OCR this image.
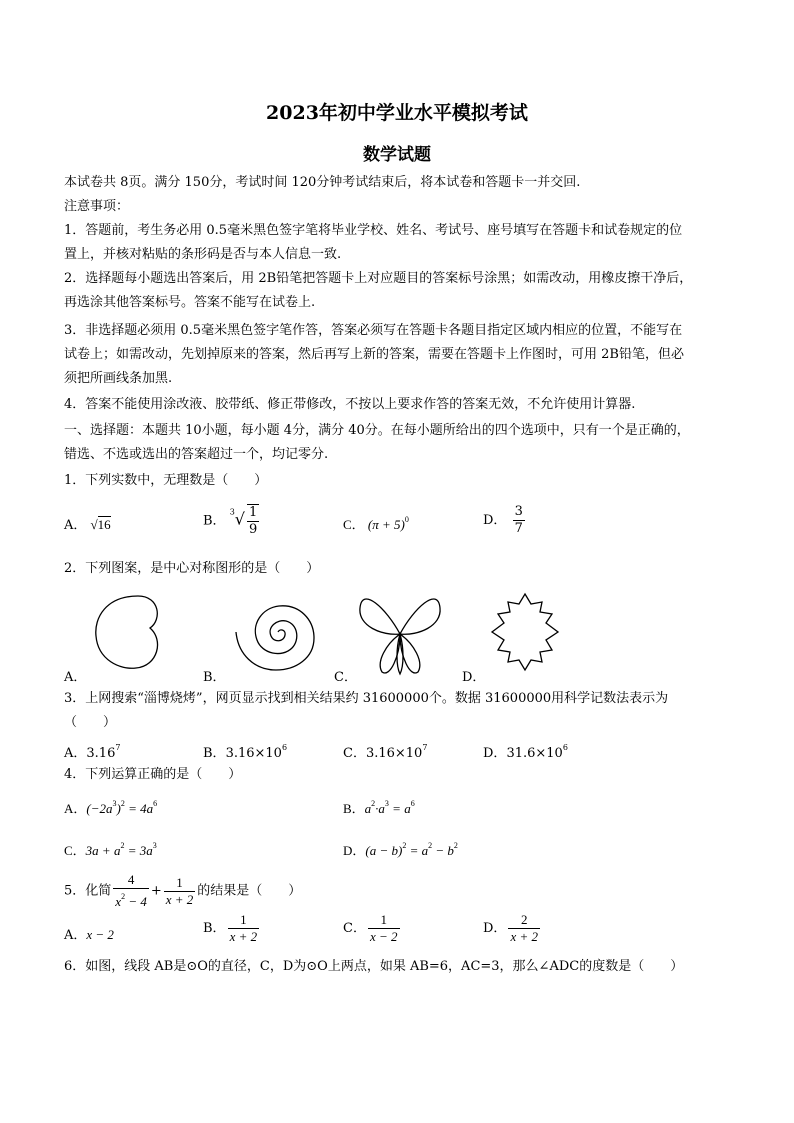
2023年初中学业水平模拟考试
数学试题
本试卷共 8页。满分 150分，考试时间 120分钟考试结束后，将本试卷和答题卡一并交回.
注意事项：
1．答题前，考生务必用 0.5毫米黑色签字笔将毕业学校、姓名、考试号、座号填写在答题卡和试卷规定的位
置上，并核对粘贴的条形码是否与本人信息一致.
2．选择题每小题选出答案后，用 2B铅笔把答题卡上对应题目的答案标号涂黑；如需改动，用橡皮擦干净后，
再选涂其他答案标号。答案不能写在试卷上.
3．非选择题必须用 0.5毫米黑色签字笔作答，答案必须写在答题卡各题目指定区域内相应的位置，不能写在
试卷上；如需改动，先划掉原来的答案，然后再写上新的答案，需要在答题卡上作图时，可用 2B铅笔，但必
须把所画线条加黑.
4．答案不能使用涂改液、胶带纸、修正带修改，不按以上要求作答的答案无效，不允许使用计算器.
一、选择题：本题共 10小题，每小题 4分，满分 40分。在每小题所给出的四个选项中，只有一个是正确的，
错选、不选或选出的答案超过一个，均记零分.
1．下列实数中，无理数是（　　）
A． √16	B． $^3√ \frac{1}{9}$	C． $(\pi + 5)^0$	D． $\frac{3}{7}$
2．下列图案，是中心对称图形的是（　　）
A．	B．	C．	D．
3．上网搜索“淄博烧烤”，网页显示找到相关结果约 31600000个。数据 31600000用科学记数法表示为
（　　）
A．3.16$^7$	B．$3.16\times 10^6$	C．$3.16\times 10^7$	D．$31.6\times 10^6$
4．下列运算正确的是（　　）
A．$(-2a^3)^2 = 4a^6$	B．$a^2\cdot a^3 = a^6$
C．$3a + a^2 = 3a^3$	D．$(a - b)^2 = a^2 - b^2$
5．化简 $\frac{4}{x^2 - 4} + \frac{1}{x + 2}$ 的结果是（　　）
A．x − 2	B． $\frac{1}{x + 2}$	C． $\frac{1}{x - 2}$	D． $\frac{2}{x + 2}$
6．如图，线段 AB是⊙O的直径，C，D为⊙O上两点，如果 AB=6，AC=3，那么∠ADC的度数是（　　）
